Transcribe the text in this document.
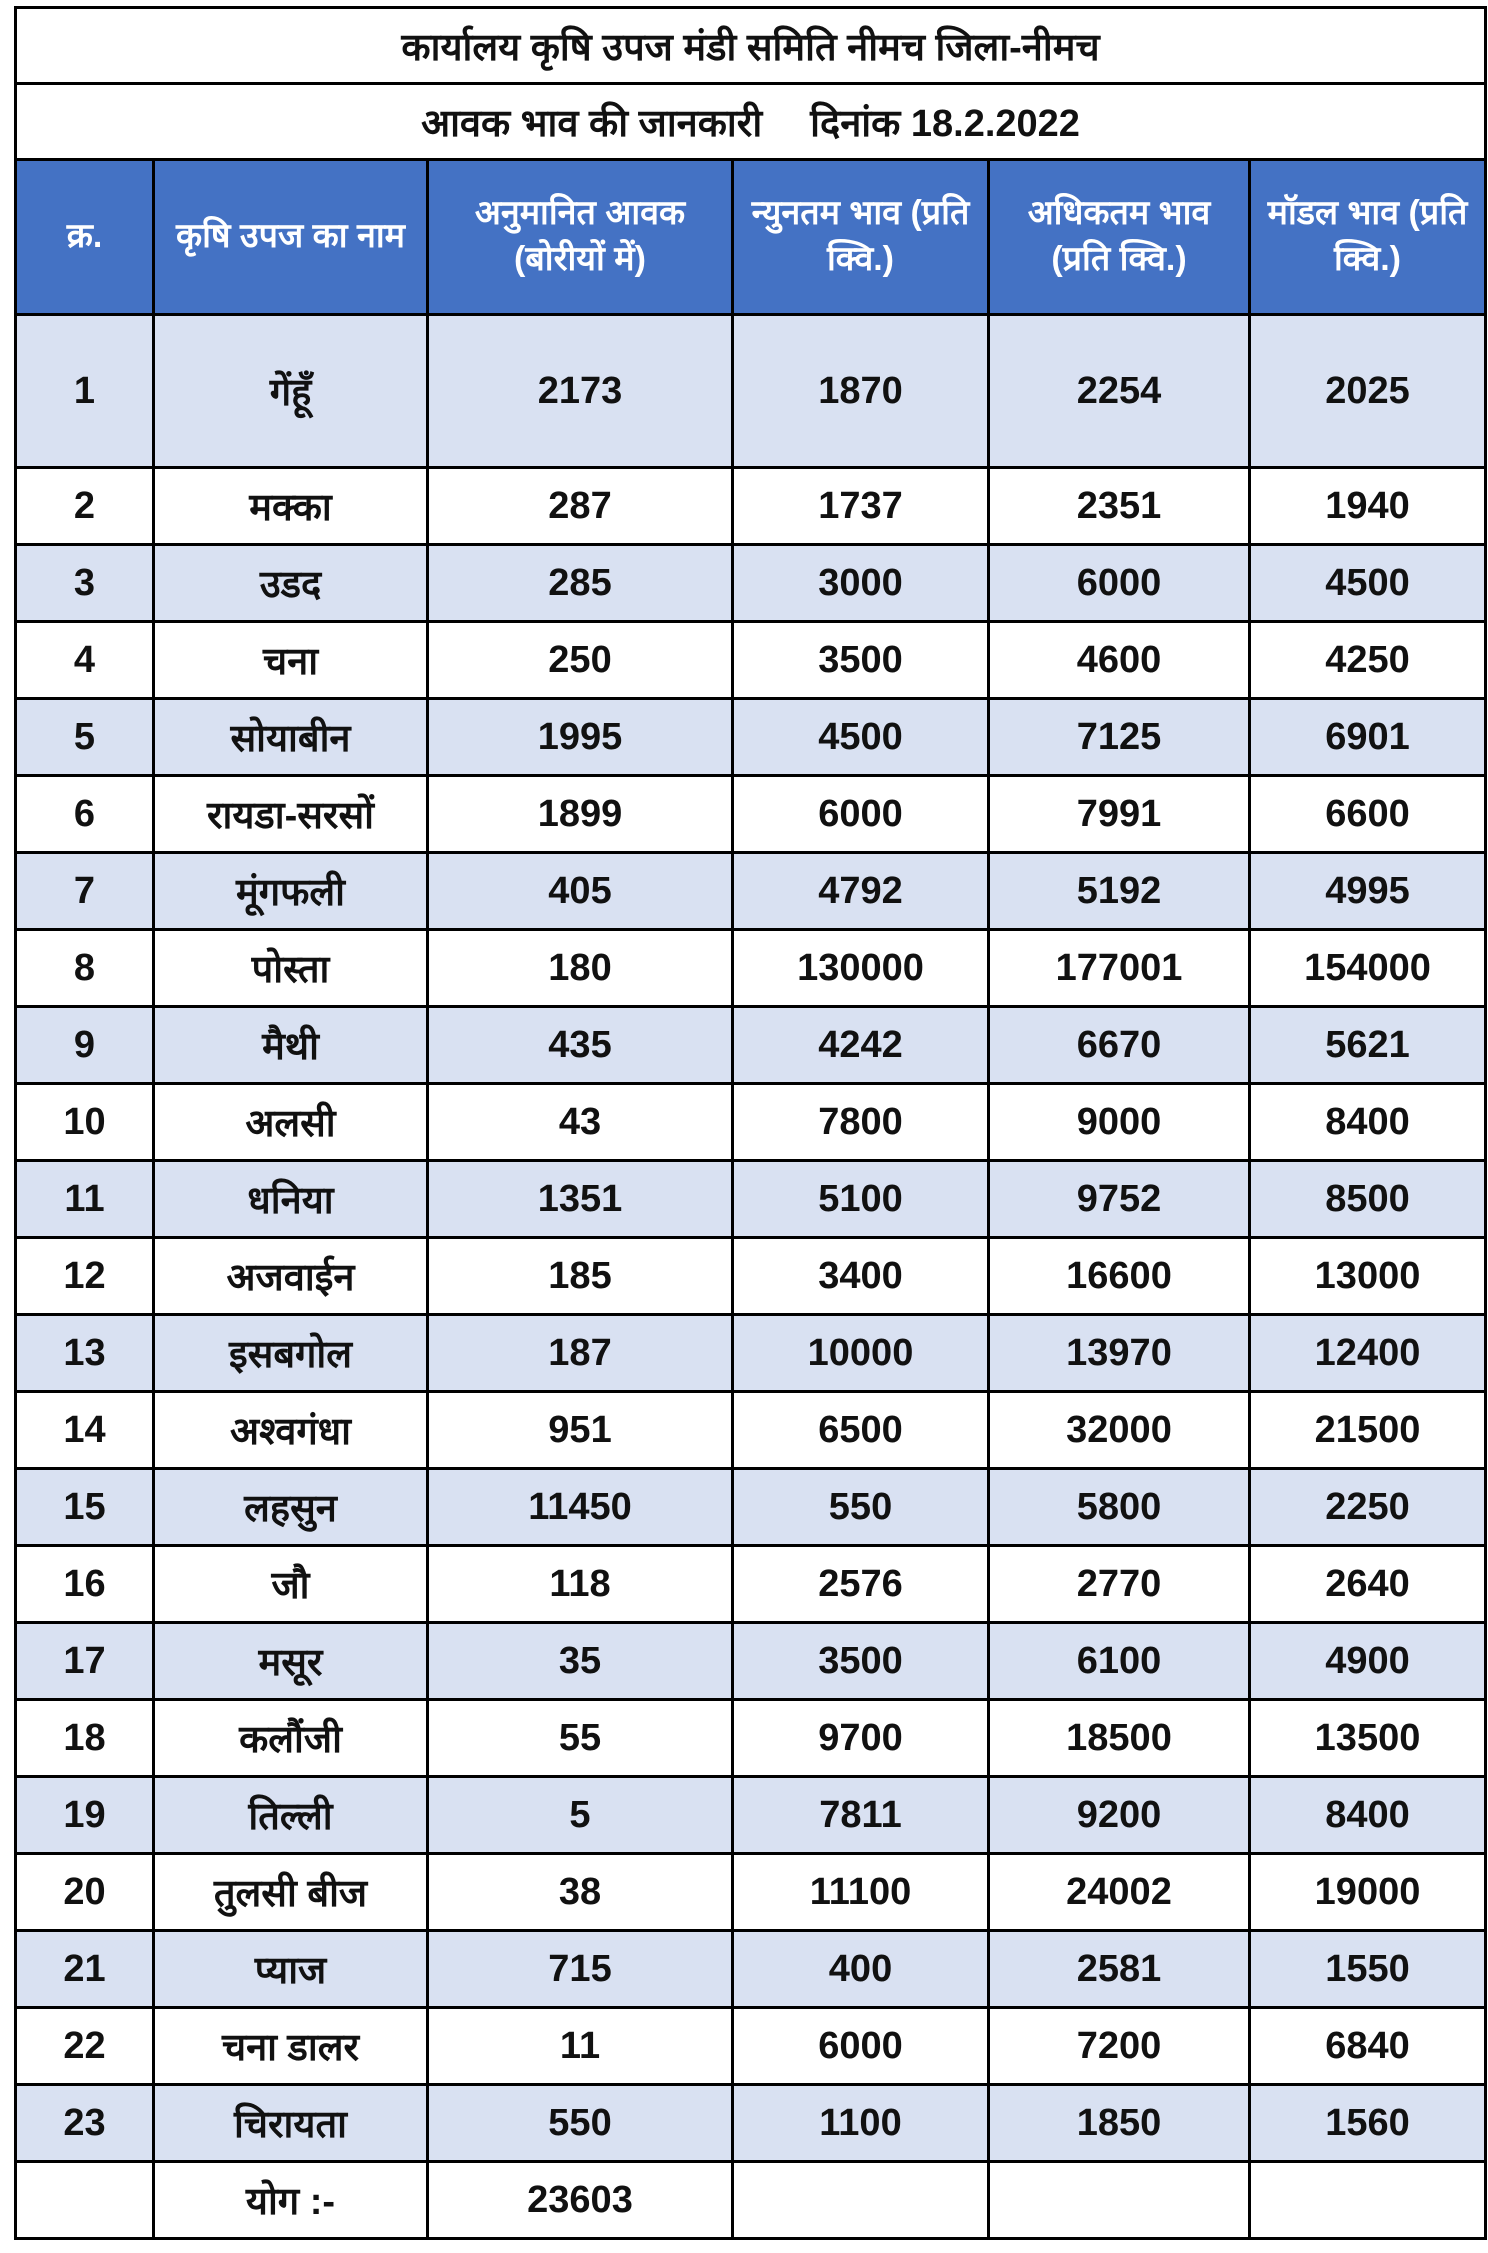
कार्यालय कृषि उपज मंडी समिति नीमच जिला-नीमच					
आवक भाव की जानकारी दिनांक 18.2.2022					
क्र.	कृषि उपज का नाम	अनुमानित आवक (बोरीयों में)	न्युनतम भाव (प्रति क्वि.)	अधिकतम भाव (प्रति क्वि.)	मॉडल भाव (प्रति क्वि.)
1	गेंहूँ	2173	1870	2254	2025
2	मक्का	287	1737	2351	1940
3	उडद	285	3000	6000	4500
4	चना	250	3500	4600	4250
5	सोयाबीन	1995	4500	7125	6901
6	रायडा-सरसों	1899	6000	7991	6600
7	मूंगफली	405	4792	5192	4995
8	पोस्ता	180	130000	177001	154000
9	मैथी	435	4242	6670	5621
10	अलसी	43	7800	9000	8400
11	धनिया	1351	5100	9752	8500
12	अजवाईन	185	3400	16600	13000
13	इसबगोल	187	10000	13970	12400
14	अश्वगंधा	951	6500	32000	21500
15	लहसुन	11450	550	5800	2250
16	जौ	118	2576	2770	2640
17	मसूर	35	3500	6100	4900
18	कलौंजी	55	9700	18500	13500
19	तिल्ली	5	7811	9200	8400
20	तुलसी बीज	38	11100	24002	19000
21	प्याज	715	400	2581	1550
22	चना डालर	11	6000	7200	6840
23	चिरायता	550	1100	1850	1560
	योग :-	23603			
